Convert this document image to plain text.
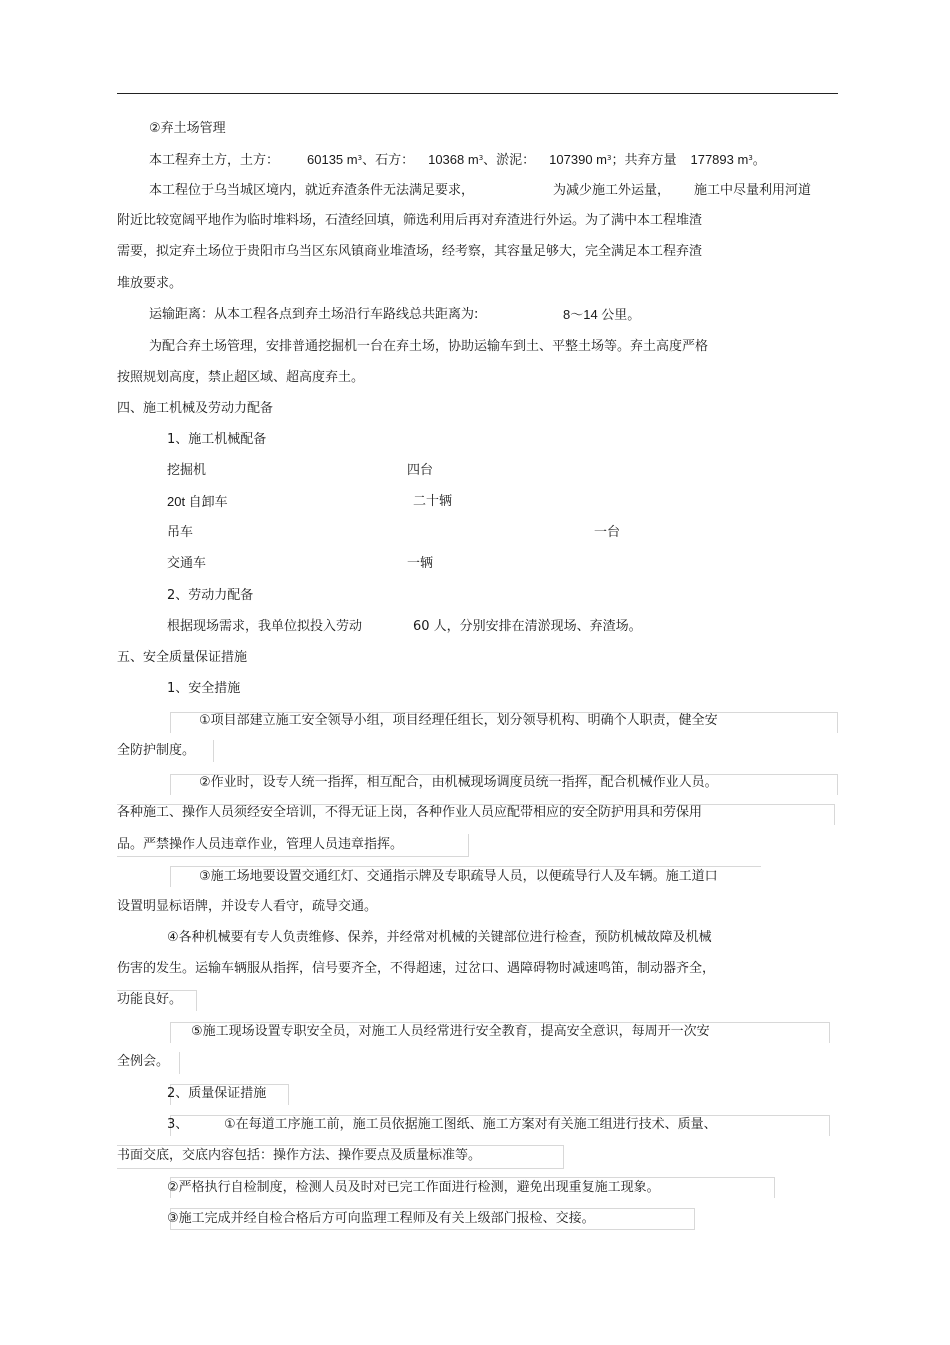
②弃土场管理
本工程弃土方，土方： 60135 $m^3$、石方： 10368 $m^3$、淤泥： 107390 $m^3$；共弃方量 177893 $m^3$。
本工程位于乌当城区境内，就近弃渣条件无法满足要求，	为减少施工外运量， 施工中尽量利用河道
附近比较宽阔平地作为临时堆料场，石渣经回填，筛选利用后再对弃渣进行外运。为了满中本工程堆渣
需要，拟定弃土场位于贵阳市乌当区东风镇商业堆渣场，经考察，其容量足够大，完全满足本工程弃渣
堆放要求。
运输距离：从本工程各点到弃土场沿行车路线总共距离为:	8～14 公里。
为配合弃土场管理，安排普通挖掘机一台在弃土场，协助运输车到土、平整土场等。弃土高度严格
按照规划高度，禁止超区域、超高度弃土。
四、施工机械及劳动力配备
1、施工机械配备
挖掘机	四台
20t 自卸车	二十辆
吊车	一台
交通车	一辆
2、劳动力配备
根据现场需求，我单位拟投入劳动	60 人，分别安排在清淤现场、弃渣场。
五、安全质量保证措施
1、安全措施
①项目部建立施工安全领导小组，项目经理任组长，划分领导机构、明确个人职责，健全安
全防护制度。
②作业时，设专人统一指挥，相互配合，由机械现场调度员统一指挥，配合机械作业人员。
各种施工、操作人员须经安全培训，不得无证上岗，各种作业人员应配带相应的安全防护用具和劳保用
品。严禁操作人员违章作业，管理人员违章指挥。
③施工场地要设置交通红灯、交通指示牌及专职疏导人员，以便疏导行人及车辆。施工道口
设置明显标语牌，并设专人看守，疏导交通。
④各种机械要有专人负责维修、保养，并经常对机械的关键部位进行检查，预防机械故障及机械
伤害的发生。运输车辆服从指挥，信号要齐全，不得超速，过岔口、遇障碍物时减速鸣笛，制动器齐全，
功能良好。
⑤施工现场设置专职安全员，对施工人员经常进行安全教育，提高安全意识，每周开一次安
全例会。
2、质量保证措施
3、	①在每道工序施工前，施工员依据施工图纸、施工方案对有关施工组进行技术、质量、
书面交底，交底内容包括：操作方法、操作要点及质量标准等。
②严格执行自检制度，检测人员及时对已完工作面进行检测，避免出现重复施工现象。
③施工完成并经自检合格后方可向监理工程师及有关上级部门报检、交接。
